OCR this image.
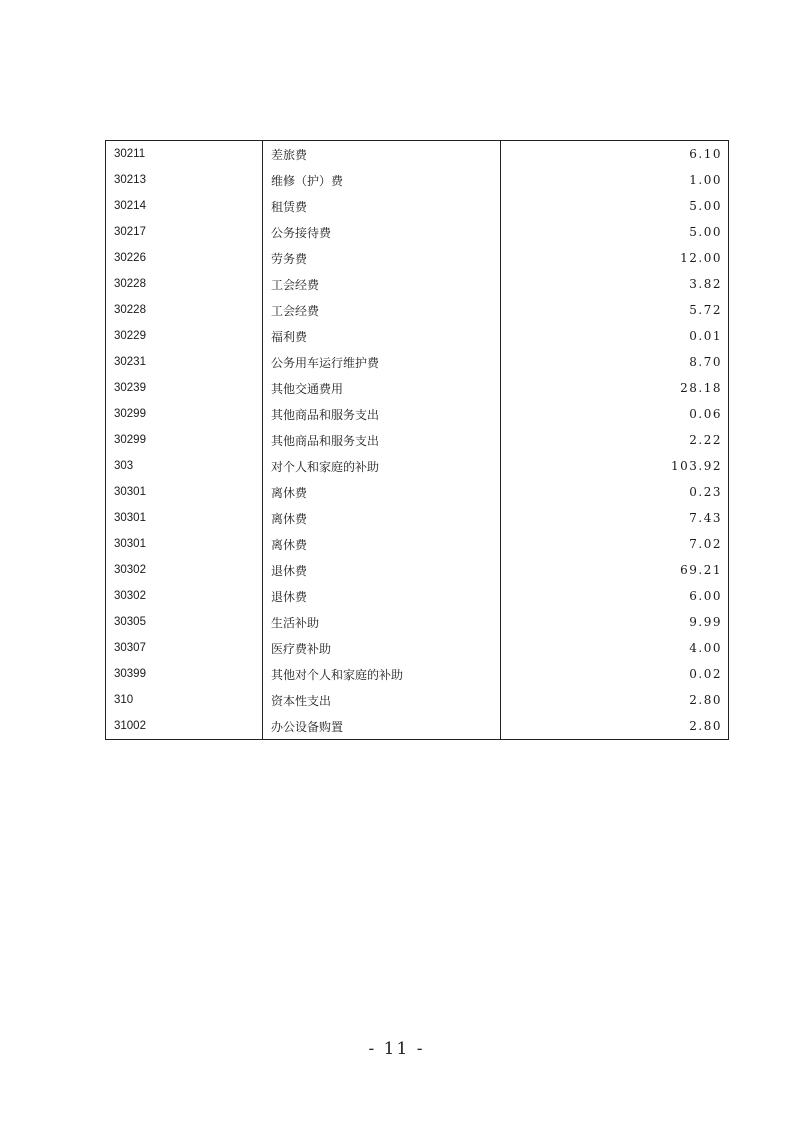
30211	差旅费	6.10
30213	维修（护）费	1.00
30214	租赁费	5.00
30217	公务接待费	5.00
30226	劳务费	12.00
30228	工会经费	3.82
30228	工会经费	5.72
30229	福利费	0.01
30231	公务用车运行维护费	8.70
30239	其他交通费用	28.18
30299	其他商品和服务支出	0.06
30299	其他商品和服务支出	2.22
303	对个人和家庭的补助	103.92
30301	离休费	0.23
30301	离休费	7.43
30301	离休费	7.02
30302	退休费	69.21
30302	退休费	6.00
30305	生活补助	9.99
30307	医疗费补助	4.00
30399	其他对个人和家庭的补助	0.02
310	资本性支出	2.80
31002	办公设备购置	2.80
- 11 -
